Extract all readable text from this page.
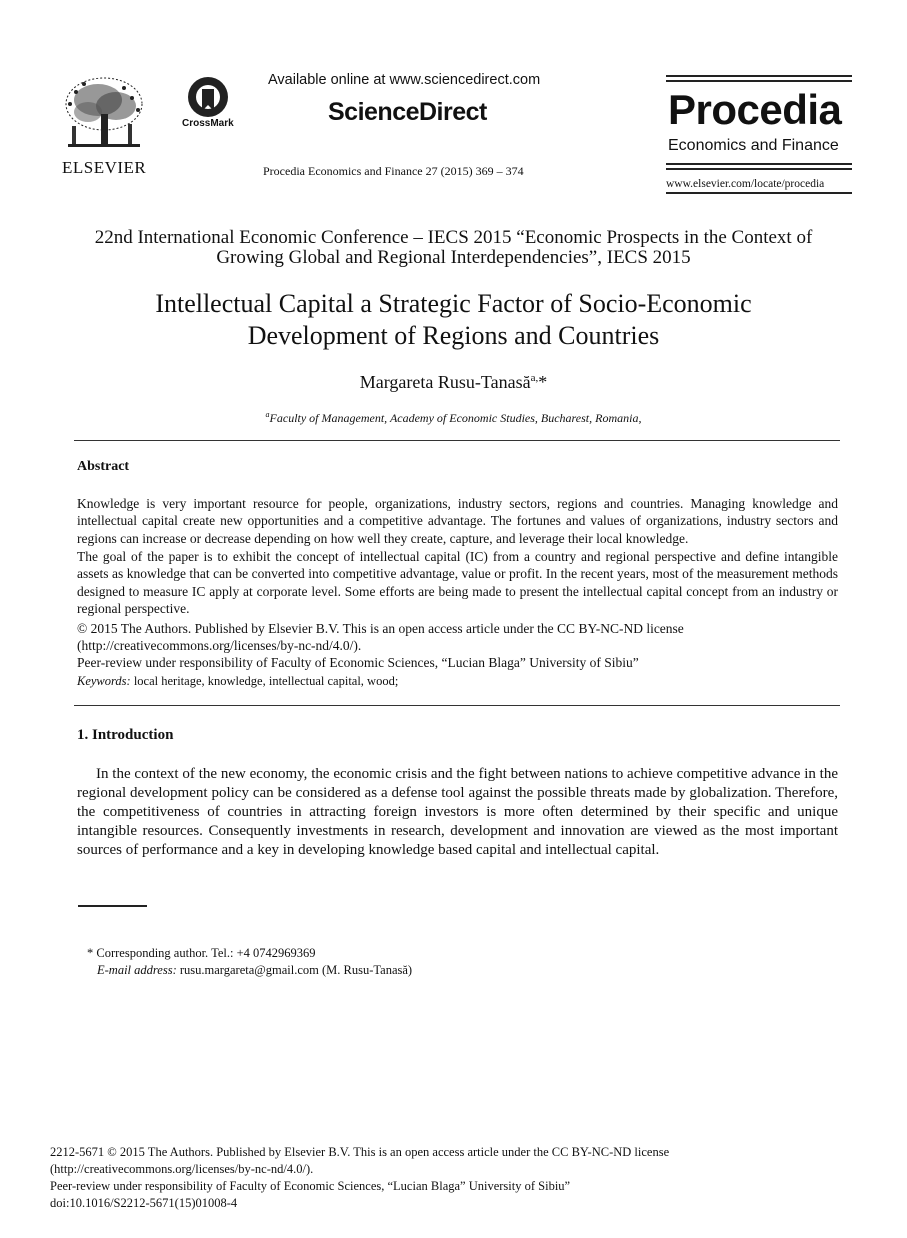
ELSEVIER
CrossMark
Available online at www.sciencedirect.com
ScienceDirect
Procedia Economics and Finance 27 (2015) 369 – 374
Procedia
Economics and Finance
www.elsevier.com/locate/procedia
22nd International Economic Conference – IECS 2015 “Economic Prospects in the Context of Growing Global and Regional Interdependencies”, IECS 2015
Intellectual Capital a Strategic Factor of Socio-Economic
Development of Regions and Countries
Margareta Rusu-Tanasă$^{a,}$*
$^a$Faculty of Management, Academy of Economic Studies, Bucharest, Romania,
Abstract
Knowledge is very important resource for people, organizations, industry sectors, regions and countries. Managing knowledge and intellectual capital create new opportunities and a competitive advantage. The fortunes and values of organizations, industry sectors and regions can increase or decrease depending on how well they create, capture, and leverage their local knowledge.
The goal of the paper is to exhibit the concept of intellectual capital (IC) from a country and regional perspective and define intangible assets as knowledge that can be converted into competitive advantage, value or profit. In the recent years, most of the measurement methods designed to measure IC apply at corporate level. Some efforts are being made to present the intellectual capital concept from an industry or regional perspective.
© 2015 The Authors. Published by Elsevier B.V. This is an open access article under the CC BY-NC-ND license
(http://creativecommons.org/licenses/by-nc-nd/4.0/).
Peer-review under responsibility of Faculty of Economic Sciences, “Lucian Blaga” University of Sibiu”
Keywords: local heritage, knowledge, intellectual capital, wood;
1. Introduction
In the context of the new economy, the economic crisis and the fight between nations to achieve competitive advance in the regional development policy can be considered as a defense tool against the possible threats made by globalization. Therefore, the competitiveness of countries in attracting foreign investors is more often determined by their specific and unique intangible resources. Consequently investments in research, development and innovation are viewed as the most important sources of performance and a key in developing knowledge based capital and intellectual capital.
* Corresponding author. Tel.: +4 0742969369
E-mail address: rusu.margareta@gmail.com (M. Rusu-Tanasă)
2212-5671 © 2015 The Authors. Published by Elsevier B.V. This is an open access article under the CC BY-NC-ND license
(http://creativecommons.org/licenses/by-nc-nd/4.0/).
Peer-review under responsibility of Faculty of Economic Sciences, “Lucian Blaga” University of Sibiu”
doi:10.1016/S2212-5671(15)01008-4
